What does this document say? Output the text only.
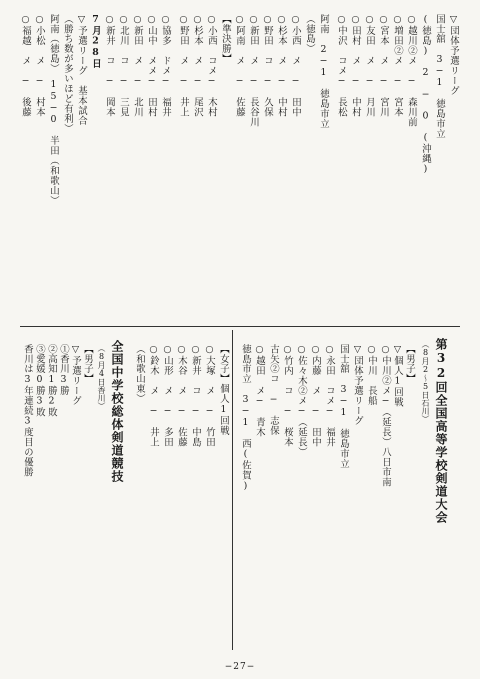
第32回全国高等学校剣道大会
（8月2〜5日石川）
【男子】
▽個人1回戦
○中川②メ−（延長）八日市南
○中川　長船
▽団体予選リーグ
国士舘　3−1　徳島市立
○永田　コメ−　福井
○内藤　メ　−　田中
○佐々木②メ−（延長）
○竹内　コ　−　桜本
古矢②コ　−　志保
○越田　メ−　青木
徳島市立　3−1　西(佐賀)
▽団体予選リーグ
国士舘　3−1　徳島市立
(徳島)　2　−　0　(沖縄)
○越川②メ　−　森川前
○増田②メ　−　宮本
○宮本　メ　−　宮川
○友田　メ　−　月川
○田村　メ　−　中村
○中沢　コメ−　長松
阿南　2−1　徳島市立
（徳島）
○小西　メ　−　田中
○杉本　メ　−　中村
○野田　コ　−　久保
○新田　メ　−　長谷川
○阿南　メ　−　佐藤
【準決勝】
○小西　コメ−　木村
○杉本　メ　−　尾沢
○野田　メ　−　井上
○協多　ドメ−　福井
○山中　メメ−　田村
○新田　メ　−　北川
○北川　コ　−　三見
○新井　コ　−　岡本
7月28日
▽予選リーグ　基本試合
（勝ち数が多いほど有利）
阿南（徳島）　15−0　半田（和歌山）
○小松　メ　−　村本
○福越　メ　−　後藤
【女子】個人1回戦
○大塚　メ　−　竹田
○新井　コ　−　中島
○木谷　メ　−　佐藤
○山形　メ　−　多田
○鈴木　メ　−　井上
（和歌山東）
全国中学校総体剣道競技
（8月4日香川）
【男子】
▽予選リーグ
①香川3勝
②高知1勝2敗
③愛媛0勝3敗
香川は3年連続3度目の優勝
−27−
